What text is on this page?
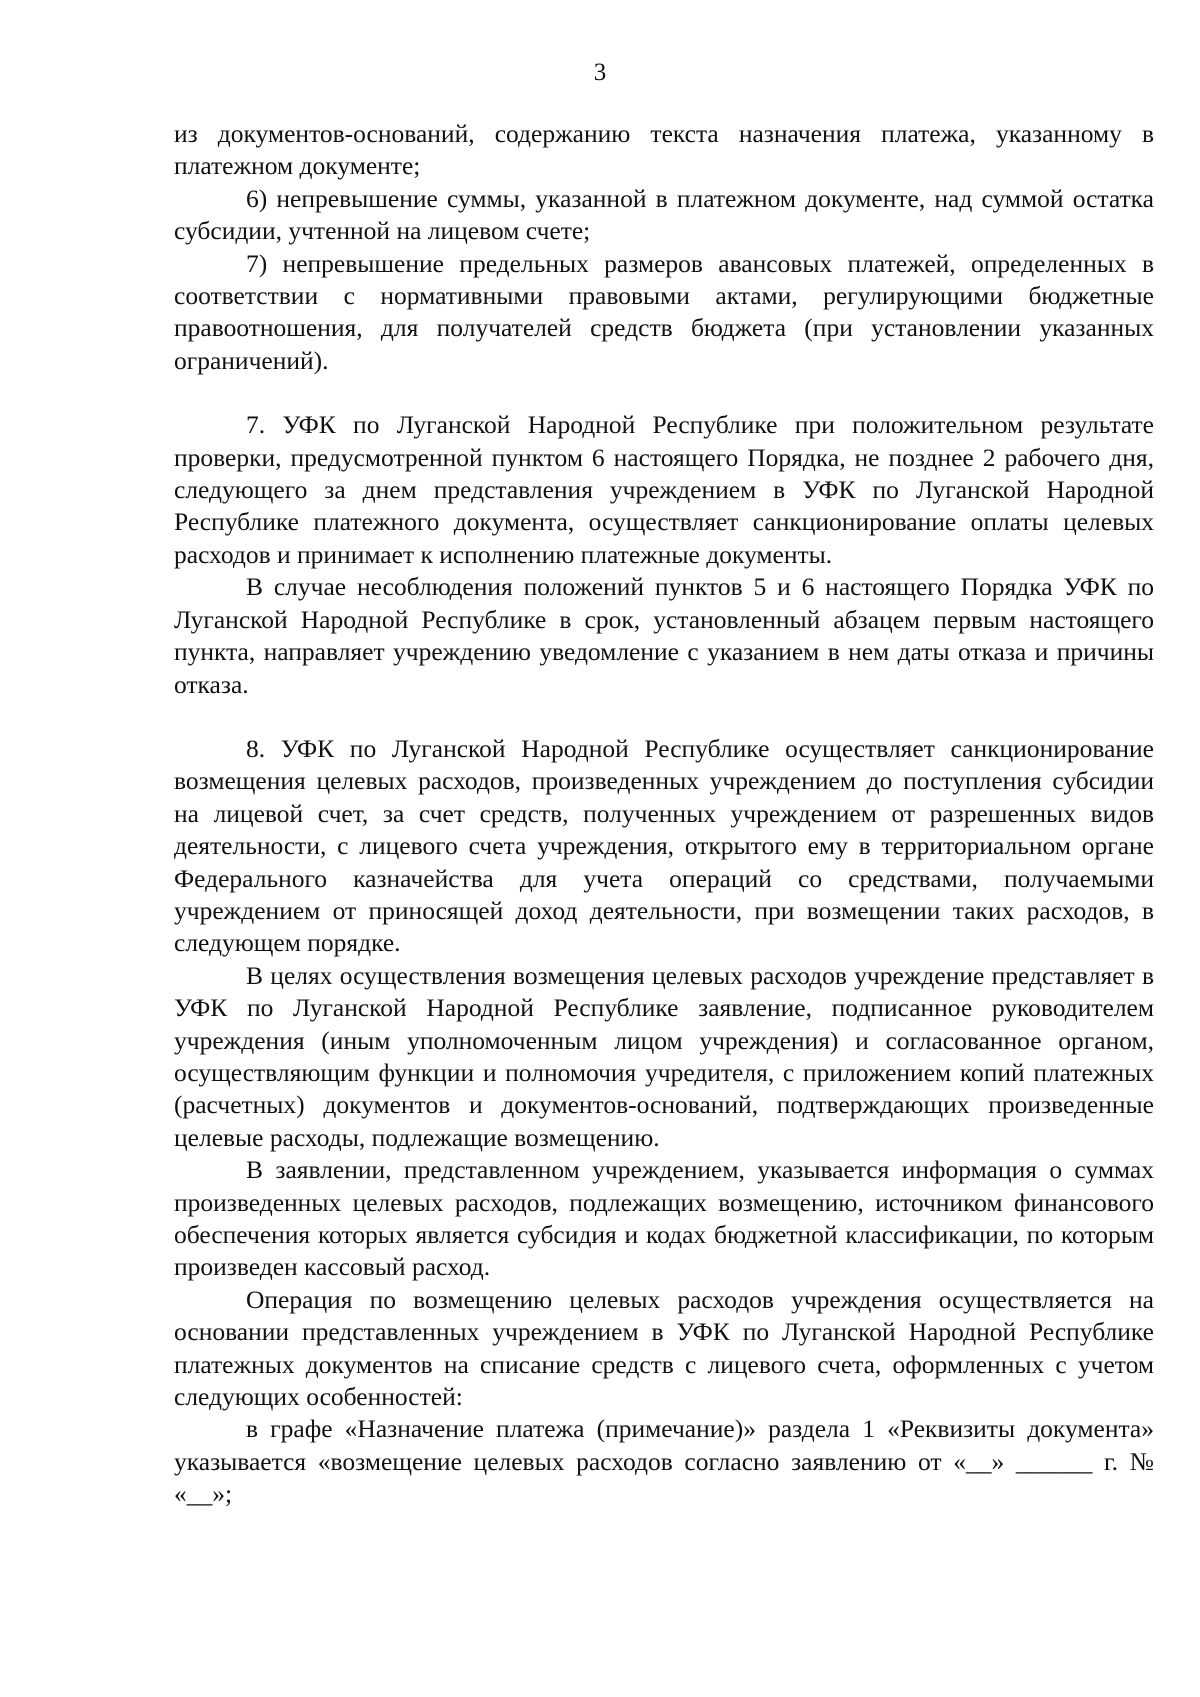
3

из документов-оснований, содержанию текста назначения платежа, указанному в платежном документе;

6) непревышение суммы, указанной в платежном документе, над суммой остатка субсидии, учтенной на лицевом счете;

7) непревышение предельных размеров авансовых платежей, определенных в соответствии с нормативными правовыми актами, регулирующими бюджетные правоотношения, для получателей средств бюджета (при установлении указанных ограничений).

7. УФК по Луганской Народной Республике при положительном результате проверки, предусмотренной пунктом 6 настоящего Порядка, не позднее 2 рабочего дня, следующего за днем представления учреждением в УФК по Луганской Народной Республике платежного документа, осуществляет санкционирование оплаты целевых расходов и принимает к исполнению платежные документы.

В случае несоблюдения положений пунктов 5 и 6 настоящего Порядка УФК по Луганской Народной Республике в срок, установленный абзацем первым настоящего пункта, направляет учреждению уведомление с указанием в нем даты отказа и причины отказа.

8. УФК по Луганской Народной Республике осуществляет санкционирование возмещения целевых расходов, произведенных учреждением до поступления субсидии на лицевой счет, за счет средств, полученных учреждением от разрешенных видов деятельности, с лицевого счета учреждения, открытого ему в территориальном органе Федерального казначейства для учета операций со средствами, получаемыми учреждением от приносящей доход деятельности, при возмещении таких расходов, в следующем порядке.

В целях осуществления возмещения целевых расходов учреждение представляет в УФК по Луганской Народной Республике заявление, подписанное руководителем учреждения (иным уполномоченным лицом учреждения) и согласованное органом, осуществляющим функции и полномочия учредителя, с приложением копий платежных (расчетных) документов и документов-оснований, подтверждающих произведенные целевые расходы, подлежащие возмещению.

В заявлении, представленном учреждением, указывается информация о суммах произведенных целевых расходов, подлежащих возмещению, источником финансового обеспечения которых является субсидия и кодах бюджетной классификации, по которым произведен кассовый расход.

Операция по возмещению целевых расходов учреждения осуществляется на основании представленных учреждением в УФК по Луганской Народной Республике платежных документов на списание средств с лицевого счета, оформленных с учетом следующих особенностей:

в графе «Назначение платежа (примечание)» раздела 1 «Реквизиты документа» указывается «возмещение целевых расходов согласно заявлению от «__» ______ г. № «__»;
